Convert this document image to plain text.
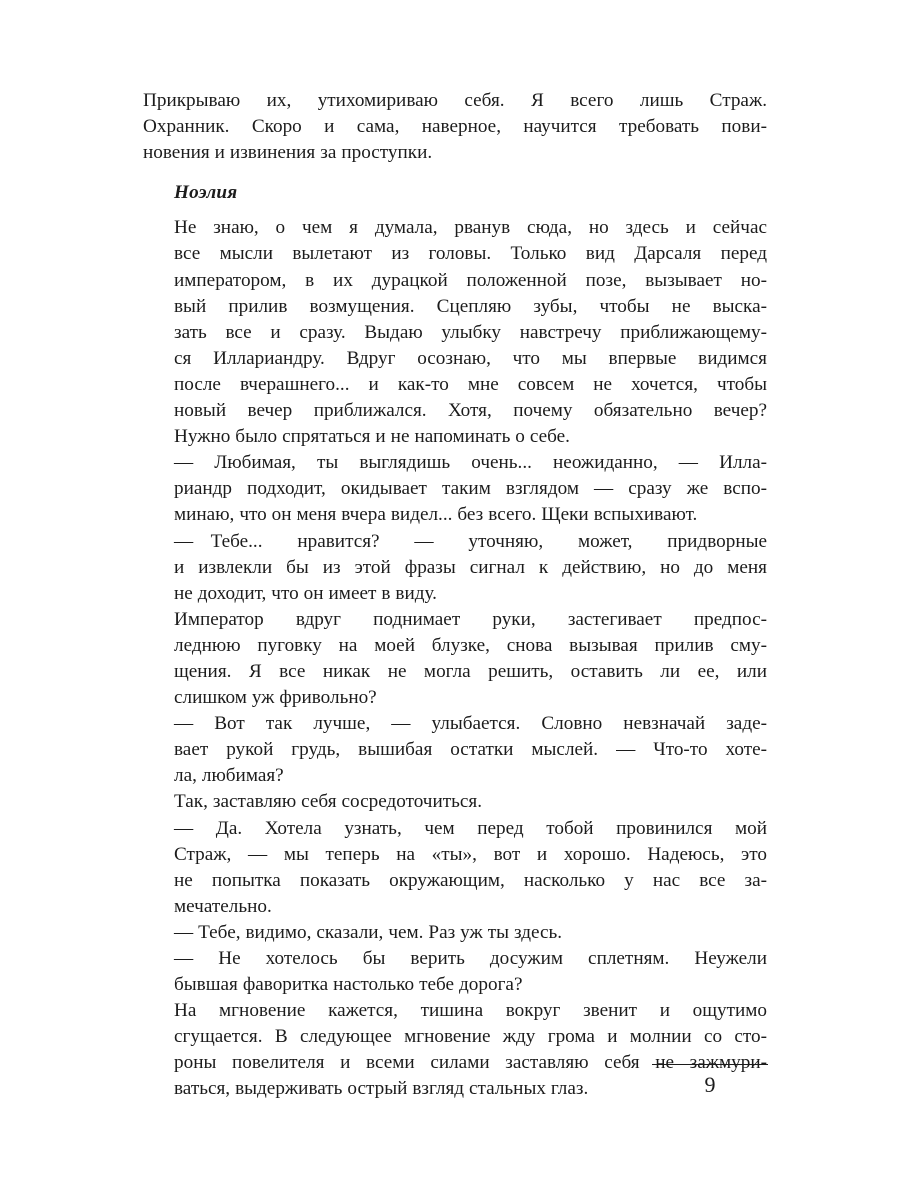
Прикрываю  их,  утихомириваю  себя.  Я  всего  лишь  Страж.
Охранник. Скоро и сама, наверное, научится требовать пови-
новения и извинения за проступки.

Ноэлия

Не знаю, о чем я думала, рванув сюда, но здесь и сейчас
все мысли вылетают из головы. Только вид Дарсаля перед
императором, в их дурацкой положенной позе, вызывает но-
вый  прилив  возмущения.  Сцепляю  зубы,  чтобы  не  выска-
зать все и сразу. Выдаю улыбку навстречу приближающему-
ся  Иллариандру.  Вдруг  осознаю,  что  мы  впервые  видимся
после  вчерашнего...  и  как-то  мне  совсем  не  хочется,  чтобы
новый вечер приближался. Хотя, почему обязательно вечер?
Нужно было спрятаться и не напоминать о себе.

— Любимая, ты выглядишь очень... неожиданно, — Илла-
риандр подходит, окидывает таким взглядом — сразу же вспо-
минаю, что он меня вчера видел... без всего. Щеки вспыхивают.

— Тебе...  нравится?  —  уточняю,  может,  придворные
и извлекли бы из этой фразы сигнал к действию, но до меня
не доходит, что он имеет в виду.

Император вдруг поднимает руки, застегивает предпос-
леднюю пуговку на моей блузке, снова вызывая прилив сму-
щения.  Я  все  никак  не  могла  решить,  оставить  ли  ее,  или
слишком уж фривольно?

— Вот так лучше, — улыбается. Словно невзначай заде-
вает рукой грудь, вышибая остатки мыслей. — Что-то хоте-
ла, любимая?

Так, заставляю себя сосредоточиться.

— Да. Хотела узнать, чем перед тобой провинился мой
Страж,  —  мы  теперь  на  «ты»,  вот  и  хорошо.  Надеюсь,  это
не попытка показать окружающим, насколько у нас все за-
мечательно.

— Тебе, видимо, сказали, чем. Раз уж ты здесь.

— Не хотелось бы верить досужим сплетням. Неужели
бывшая фаворитка настолько тебе дорога?

На мгновение кажется, тишина вокруг звенит и ощутимо
сгущается. В следующее мгновение жду грома и молнии со сто-
роны повелителя и всеми силами заставляю себя не зажмури-
ваться, выдерживать острый взгляд стальных глаз.	9
